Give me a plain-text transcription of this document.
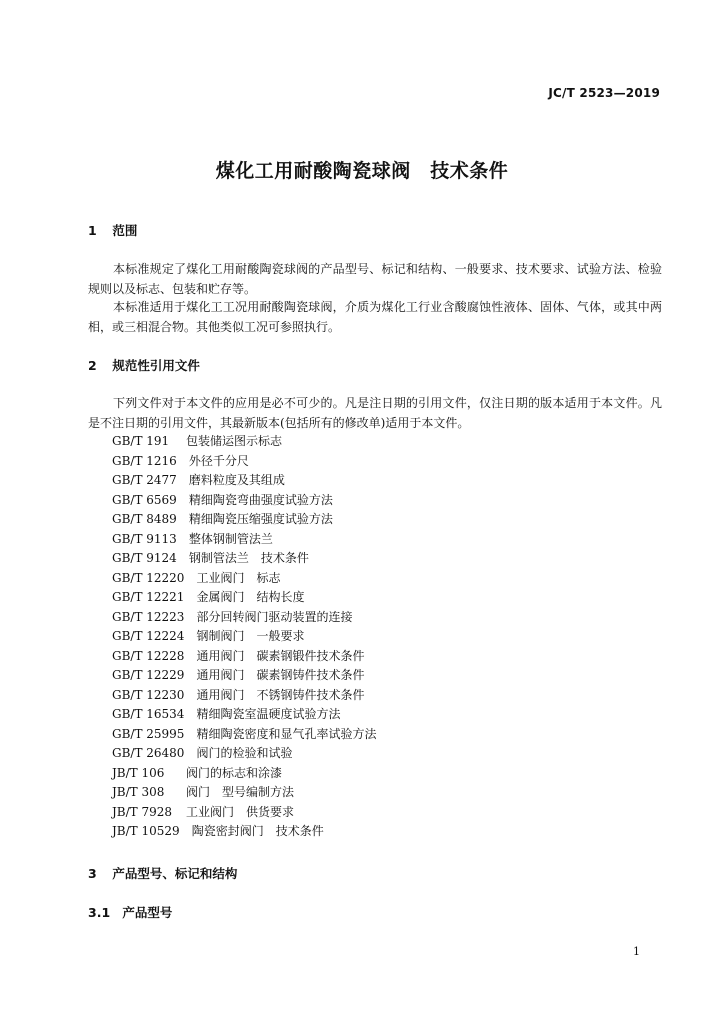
JC/T 2523—2019
煤化工用耐酸陶瓷球阀　技术条件
1 范围
本标准规定了煤化工用耐酸陶瓷球阀的产品型号、标记和结构、一般要求、技术要求、试验方法、检验规则以及标志、包装和贮存等。
本标准适用于煤化工工况用耐酸陶瓷球阀，介质为煤化工行业含酸腐蚀性液体、固体、气体，或其中两相，或三相混合物。其他类似工况可参照执行。
2 规范性引用文件
下列文件对于本文件的应用是必不可少的。凡是注日期的引用文件，仅注日期的版本适用于本文件。凡是不注日期的引用文件，其最新版本(包括所有的修改单)适用于本文件。
GB/T 191　 包装储运图示标志
GB/T 1216　 外径千分尺
GB/T 2477　 磨料粒度及其组成
GB/T 6569　 精细陶瓷弯曲强度试验方法
GB/T 8489　 精细陶瓷压缩强度试验方法
GB/T 9113　 整体钢制管法兰
GB/T 9124　 钢制管法兰　技术条件
GB/T 12220　 工业阀门　标志
GB/T 12221　 金属阀门　结构长度
GB/T 12223　 部分回转阀门驱动装置的连接
GB/T 12224　 钢制阀门　一般要求
GB/T 12228　 通用阀门　碳素钢锻件技术条件
GB/T 12229　 通用阀门　碳素钢铸件技术条件
GB/T 12230　 通用阀门　不锈钢铸件技术条件
GB/T 16534　 精细陶瓷室温硬度试验方法
GB/T 25995　 精细陶瓷密度和显气孔率试验方法
GB/T 26480　 阀门的检验和试验
JB/T 106　 阀门的标志和涂漆
JB/T 308　 阀门　型号编制方法
JB/T 7928　 工业阀门　供货要求
JB/T 10529　 陶瓷密封阀门　技术条件
3 产品型号、标记和结构
3.1 产品型号
1
